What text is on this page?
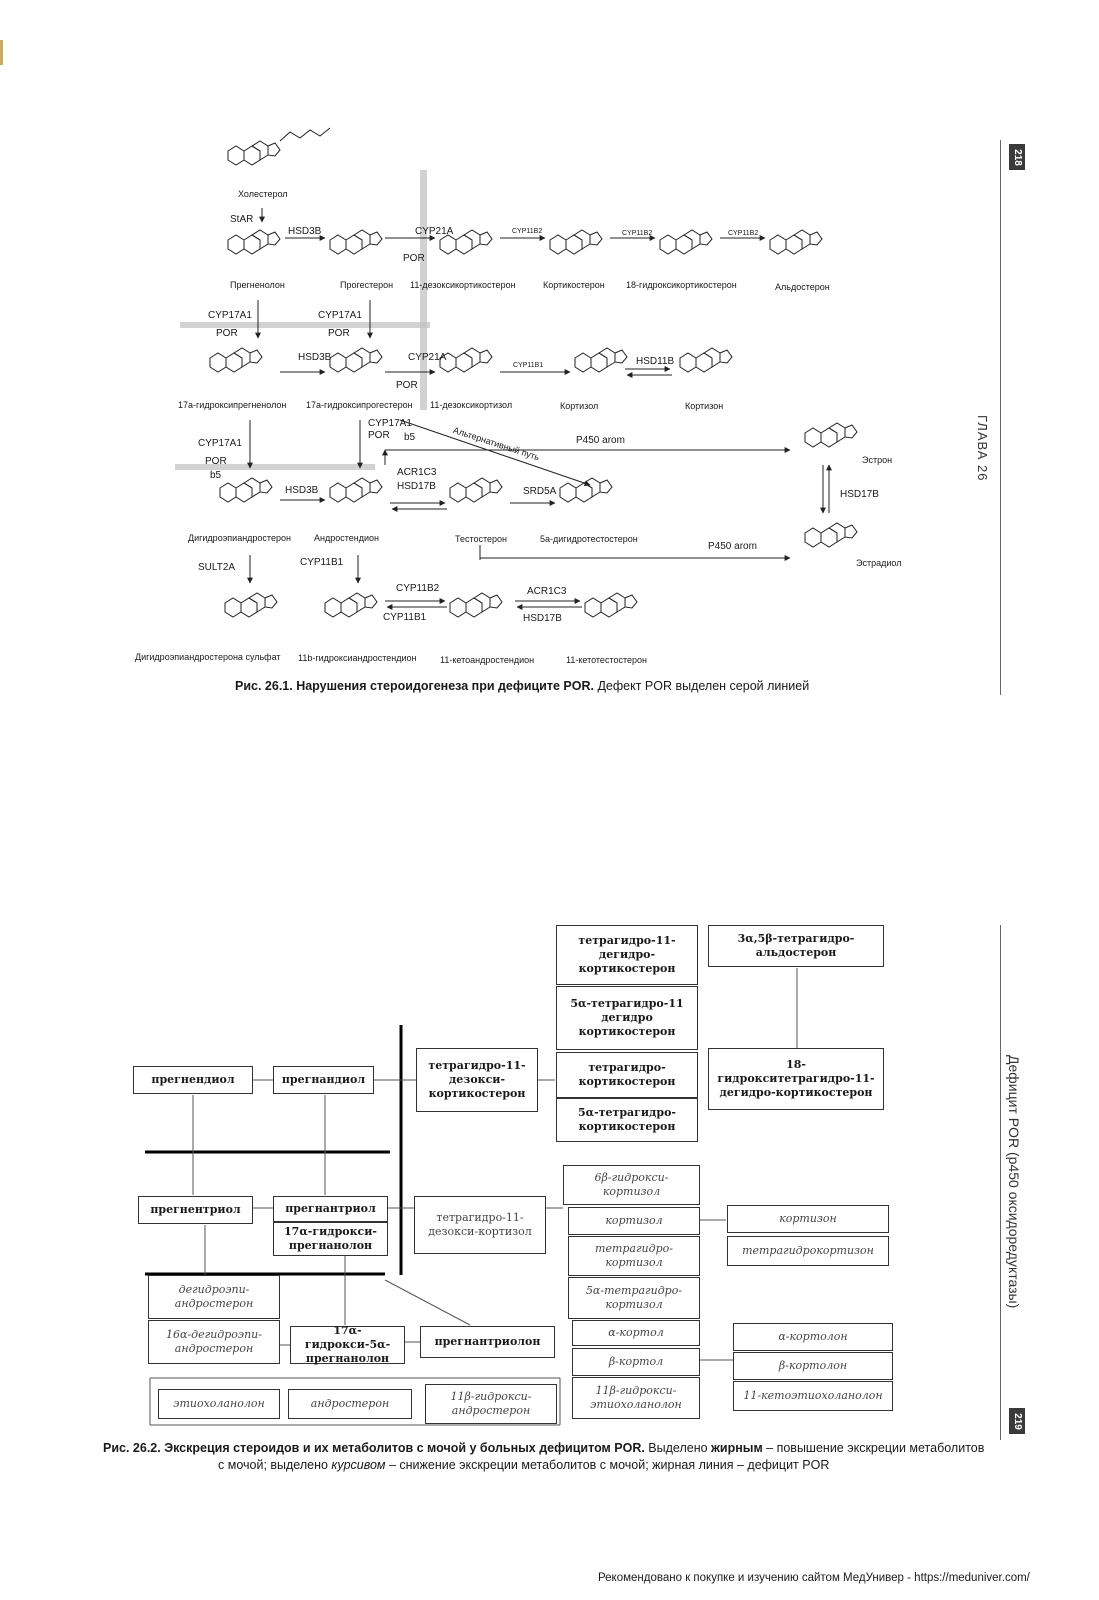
218
ГЛАВА 26
Дефицит POR (p450 оксидоредуктазы)
219
Холестерол
Прегненолон	Прогестерон 11-дезоксикортикостерон	Кортикостерон 18-гидроксикортикостерон	Альдостерон
17а-гидроксипрегненолон 17а-гидроксипрогестерон 11-дезоксикортизол	Кортизол	Кортизон
Эстрон
Дигидроэпиандростерон	Андростендион	Тестостерон	5а-дигидротестостерон
Эстрадиол
Дигидроэпиандростерона сульфат 11b-гидроксиандростендион	11-кетоандростендион	11-кетотестостерон
StAR
HSD3B	CYP21A
POR
CYP11B2	CYP11B2	CYP11B2
CYP17A1
POR
CYP17A1
POR
HSD3B	CYP21A
POR
CYP11B1	HSD11B
CYP17A1
POR
b5
CYP17A1
POR b5	Альтернативный путь	P450 arom
HSD17B
HSD3B
ACR1C3
HSD17B	SRD5A
P450 arom
SULT2A	CYP11B1
CYP11B2
CYP11B1
ACR1C3
HSD17B
Рис. 26.1. Нарушения стероидогенеза при дефиците POR. Дефект POR выделен серой линией
прегнендиол	прегнандиол
тетрагидро-11-дезокси-кортикостерон
тетрагидро-11-дегидро-кортикостерон
5α-тетрагидро-11 дегидро кортикостерон
тетрагидро-кортикостерон
5α-тетрагидро-кортикостерон
3α,5β-тетрагидро-альдостерон
18-гидрокситетрагидро-11-дегидро-кортикостерон
прегнентриол	прегнантриол
17α-гидрокси-прегнанолон
тетрагидро-11-дезокси-кортизол
6β-гидрокси-кортизол
кортизол
тетрагидро-кортизол
5α-тетрагидро-кортизол
α-кортол
β-кортол
11β-гидрокси-этиохоланолон
кортизон
тетрагидрокортизон
α-кортолон
β-кортолон
11-кетоэтиохоланолон
дегидроэпи-андростерон
16α-дегидроэпи-андростерон
17α-гидрокси-5α-прегнанолон
прегнантриолон
этиохоланолон	андростерон
11β-гидрокси-андростерон
Рис. 26.2. Экскреция стероидов и их метаболитов с мочой у больных дефицитом POR. Выделено жирным – повышение экскреции метаболитов
с мочой; выделено курсивом – снижение экскреции метаболитов с мочой; жирная линия – дефицит POR
Рекомендовано к покупке и изучению сайтом МедУнивер - https://meduniver.com/
